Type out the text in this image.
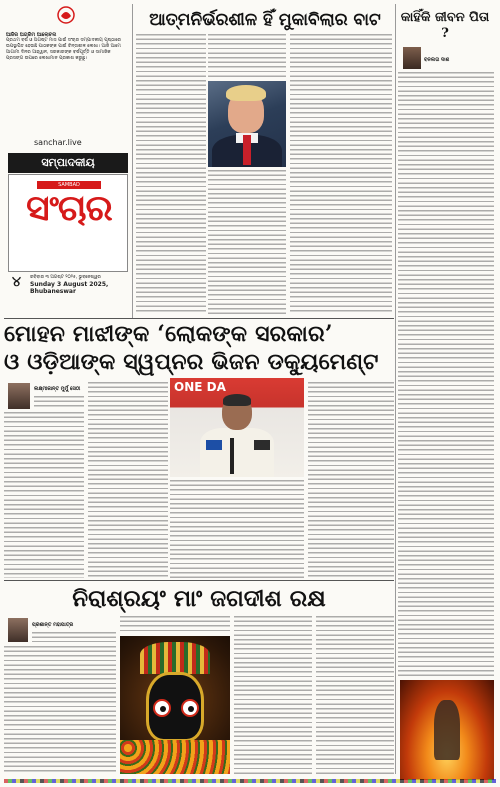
ଆଜିର ଅଗ୍ରିମ ଆଲୋଚନା
ପ୍ରଥମ ବର୍ଷ ଓ ଅଗଷ୍ଟ ମାସ ପାଇଁ ସଂଚାର ସମ୍ପାଦକୀୟ ପୃଷ୍ଠାରେ ଉପସ୍ଥାପିତ ହେଉଛି ପାଠକଙ୍କ ପାଇଁ ଚିନ୍ତାଶୀଳ ଲେଖା। ଆଜି ଆମେ ଆଗାମୀ ଦିନର ଆହ୍ୱାନ, ସରକାରଙ୍କ ବର୍ଷପୂର୍ତ୍ତି ଓ ସାମାଜିକ ପ୍ରସଙ୍ଗ ଉପରେ ଲେଖାମାନ ପ୍ରକାଶ କରୁଛୁ।
sanchar.live
ସମ୍ପାଦକୀୟ
SAMBAD
ସଂଚାର
୪ ରବିବାର ୩ ଅଗଷ୍ଟ ୨୦୨୫, ଭୁବନେଶ୍ୱର
Sunday 3 August 2025,
Bhubaneswar
ଆତ୍ମନିର୍ଭରଶୀଳ ହିଁ ମୁକାବିଲାର ବାଟ	କାହିଁକି ଜୀବନ ପିତା ?
ବନଲତା ଦାଶ
ମୋହନ ମାଝୀଙ୍କ ‘ଲୋକଙ୍କ ସରକାର’
ଓ ଓଡ଼ିଆଙ୍କ ସ୍ୱପ୍ନର ଭିଜନ ଡକ୍ୟୁମେଣ୍ଟ
ଲକ୍ଷ୍ମୀକାନ୍ତ ମୁର୍ମୁ ସେଠୀ	ONE DA
ନିରାଶ୍ରୟଂ ମାଂ ଜଗଦୀଶ ରକ୍ଷ
ପ୍ରଶାନ୍ତ ମହାପାତ୍ର
